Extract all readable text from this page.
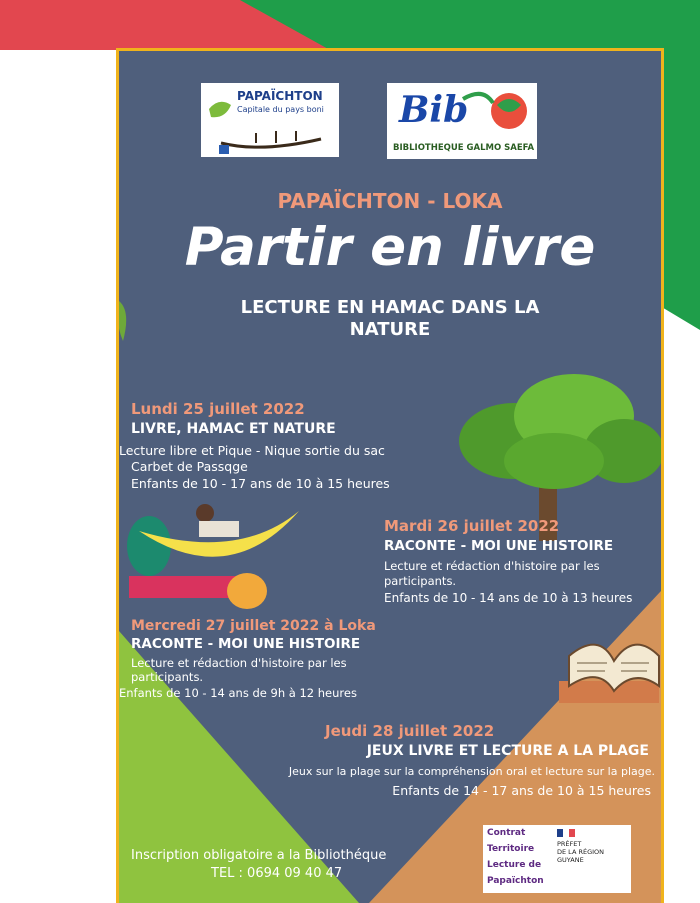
PAPAÏCHTON
Capitale du pays boni Bib
BIBLIOTHEQUE GALMO SAEFA
PAPAÏCHTON - LOKA
Partir en livre
LECTURE EN HAMAC DANS LA
NATURE
Lundi 25 juillet 2022
LIVRE, HAMAC ET NATURE
Lecture libre et Pique - Nique sortie du sac
Carbet de Passqge
Enfants de 10 - 17 ans de 10 à 15 heures
Mardi 26 juillet 2022
RACONTE - MOI UNE HISTOIRE
Lecture et rédaction d'histoire par les
participants.
Enfants de 10 - 14 ans de 10 à 13 heures
Mercredi 27 juillet 2022 à Loka
RACONTE - MOI UNE HISTOIRE
Lecture et rédaction d'histoire par les
participants.
Enfants de 10 - 14 ans de 9h à 12 heures
Jeudi 28 juillet 2022
JEUX LIVRE ET LECTURE A LA PLAGE
Jeux sur la plage sur la compréhension oral et lecture sur la plage.
Enfants de 14 - 17 ans de 10 à 15 heures
Inscription obligatoire a la Bibliothéque
TEL : 0694 09 40 47
Contrat
Territoire
Lecture de
Papaïchton
PRÉFET
DE LA RÉGION
GUYANE
